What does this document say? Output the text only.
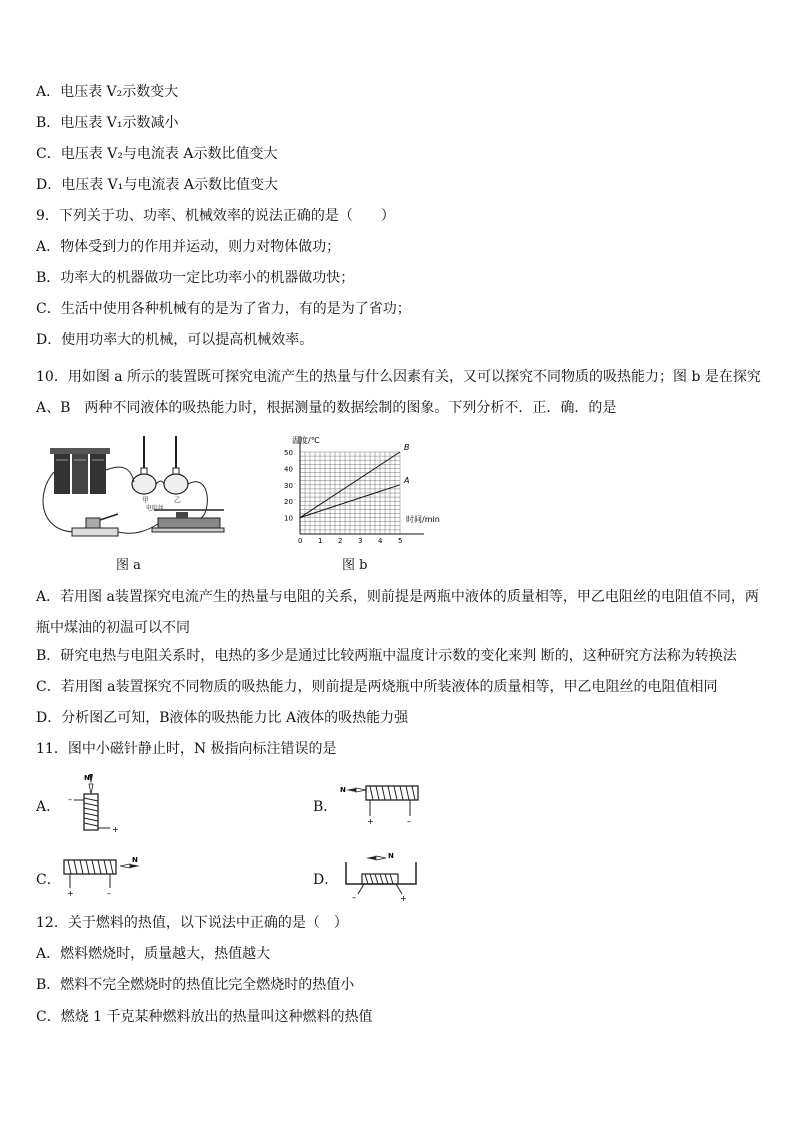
A．电压表 V₂示数变大
B．电压表 V₁示数减小
C．电压表 V₂与电流表 A示数比值变大
D．电压表 V₁与电流表 A示数比值变大
9．下列关于功、功率、机械效率的说法正确的是（　　）
A．物体受到力的作用并运动，则力对物体做功；
B．功率大的机器做功一定比功率小的机器做功快；
C．生活中使用各种机械有的是为了省力，有的是为了省功；
D．使用功率大的机械，可以提高机械效率。
10．用如图 a 所示的装置既可探究电流产生的热量与什么因素有关，又可以探究不同物质的吸热能力；图 b 是在探究
A、B　两种不同液体的吸热能力时，根据测量的数据绘制的图象。下列分析不．正．确．的是
甲	乙
电阻丝
图 a
0 1 2 3 4 5
10
20
30
40
50
温度/℃
时间/min
B
A
图 b
A．若用图 a装置探究电流产生的热量与电阻的关系，则前提是两瓶中液体的质量相等，甲乙电阻丝的电阻值不同，两瓶中煤油的初温可以不同
B．研究电热与电阻关系时，电热的多少是通过比较两瓶中温度计示数的变化来判 断的，这种研究方法称为转换法
C．若用图 a装置探究不同物质的吸热能力，则前提是两烧瓶中所装液体的质量相等，甲乙电阻丝的电阻值相同
D．分析图乙可知，B液体的吸热能力比 A液体的吸热能力强
11．图中小磁针静止时，N 极指向标注错误的是
A．
N
–
+
B．
N
+	–
C．
N
+	–
D．
N
–	+
12．关于燃料的热值，以下说法中正确的是（　）
A．燃料燃烧时，质量越大，热值越大
B．燃料不完全燃烧时的热值比完全燃烧时的热值小
C．燃烧 1 千克某种燃料放出的热量叫这种燃料的热值
